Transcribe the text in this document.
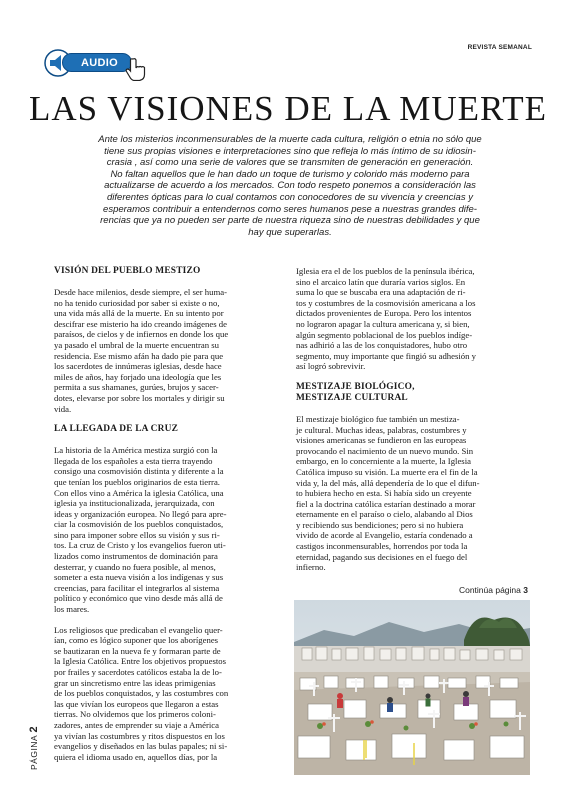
REVISTA SEMANAL
AUDIO
LAS VISIONES DE LA MUERTE
Ante los misterios inconmensurables de la muerte cada cultura, religión o etnia no sólo que
tiene sus propias visiones e interpretaciones sino que refleja lo más íntimo de su idiosin-
crasia , así como una serie de valores que se transmiten de generación en generación.
No faltan aquellos que le han dado un toque de turismo y colorido más moderno para
actualizarse de acuerdo a los mercados. Con todo respeto ponemos a consideración las
diferentes ópticas para lo cual contamos con conocedores de su vivencia y creencias y
esperamos contribuir a entendernos como seres humanos pese a nuestras grandes dife-
rencias que ya no pueden ser parte de nuestra riqueza sino de nuestras debilidades y que
hay que superarlas.
VISIÓN DEL PUEBLO MESTIZO

Desde hace milenios, desde siempre, el ser huma-
no ha tenido curiosidad por saber si existe o no,
una vida más allá de la muerte. En su intento por
descifrar ese misterio ha ido creando imágenes de
paraísos, de cielos y de infiernos en donde los que
ya pasado el umbral de la muerte encuentran su
residencia. Ese mismo afán ha dado pie para que
los sacerdotes de innúmeras iglesias, desde hace
miles de años, hay forjado una ideología que les
permita a sus shamanes, gurúes, brujos y sacer-
dotes, elevarse por sobre los mortales y dirigir su
vida.

LA LLEGADA DE LA CRUZ

La historia de la América mestiza surgió con la
llegada de los españoles a esta tierra trayendo
consigo una cosmovisión distinta y diferente a la
que tenían los pueblos originarios de esta tierra.
Con ellos vino a América la iglesia Católica, una
iglesia ya institucionalizada, jerarquizada, con
ideas y organización europea. No llegó para apre-
ciar la cosmovisión de los pueblos conquistados,
sino para imponer sobre ellos su visión y sus ri-
tos. La cruz de Cristo y los evangelios fueron uti-
lizados como instrumentos de dominación para
desterrar, y cuando no fuera posible, al menos,
someter a esta nueva visión a los indígenas y sus
creencias, para facilitar el integrarlos al sistema
político y económico que vino desde más allá de
los mares.

Los religiosos que predicaban el evangelio quer-
ían, como es lógico suponer que los aborígenes
se bautizaran en la nueva fe y formaran parte de
la Iglesia Católica. Entre los objetivos propuestos
por frailes y sacerdotes católicos estaba la de lo-
grar un sincretismo entre las ideas primigenias
de los pueblos conquistados, y las costumbres con
las que vivían los europeos que llegaron a estas
tierras. No olvidemos que los primeros coloni-
zadores, antes de emprender su viaje a América
ya vivían las costumbres y ritos dispuestos en los
evangelios y diseñados en las bulas papales; ni si-
quiera el idioma usado en, aquellos días, por la

Iglesia era el de los pueblos de la península ibérica,
sino el arcaico latín que duraría varios siglos. En
suma lo que se buscaba era una adaptación de ri-
tos y costumbres de la cosmovisión americana a los
dictados provenientes de Europa. Pero los intentos
no lograron apagar la cultura americana y, si bien,
algún segmento poblacional de los pueblos indíge-
nas adhirió a las de los conquistadores, hubo otro
segmento, muy importante que fingió su adhesión y
así logró sobrevivir.

MESTIZAJE BIOLÓGICO,
MESTIZAJE CULTURAL

El mestizaje biológico fue también un mestiza-
je cultural. Muchas ideas, palabras, costumbres y
visiones americanas se fundieron en las europeas
provocando el nacimiento de un nuevo mundo. Sin
embargo, en lo concerniente a la muerte, la Iglesia
Católica impuso su visión. La muerte era el fin de la
vida y, la del más, allá dependería de lo que el difun-
to hubiera hecho en esta. Si había sido un creyente
fiel a la doctrina católica estarían destinado a morar
eternamente en el paraíso o cielo, alabando al Dios
y recibiendo sus bendiciones; pero si no hubiera
vivido de acorde al Evangelio, estaría condenado a
castigos inconmensurables, horrendos por toda la
eternidad, pagando sus decisiones en el fuego del
infierno.

Continúa página 3
PÁGINA 2
